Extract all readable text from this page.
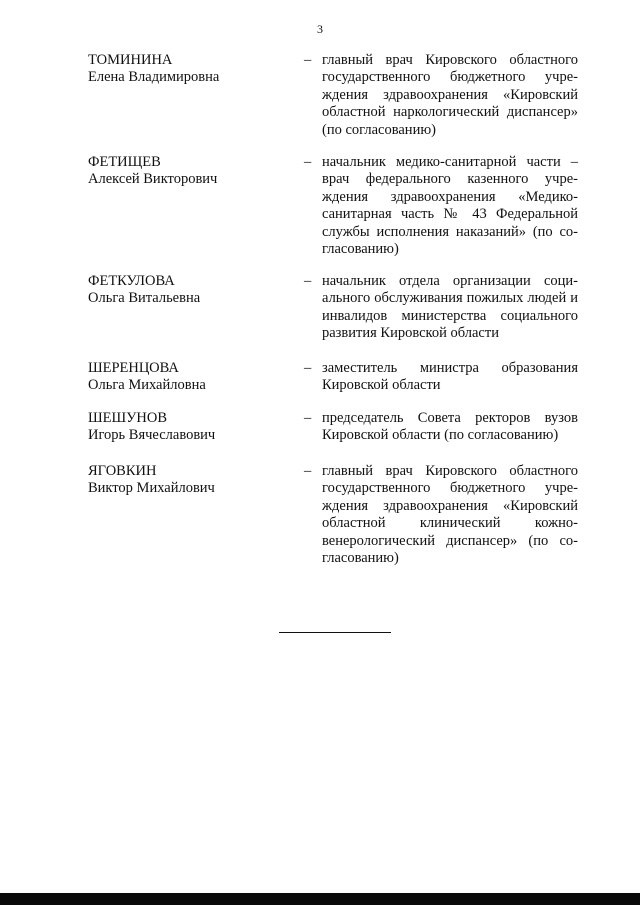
3
ТОМИНИНА
Елена Владимировна
– главный врач Кировского областного государственного бюджетного учреждения здравоохранения «Кировский областной наркологический диспансер» (по согласованию)
ФЕТИЩЕВ
Алексей Викторович
– начальник медико-санитарной части – врач федерального казенного учреждения здравоохранения «Медико-санитарная часть № 43 Федеральной службы исполнения наказаний» (по согласованию)
ФЕТКУЛОВА
Ольга Витальевна
– начальник отдела организации социального обслуживания пожилых людей и инвалидов министерства социального развития Кировской области
ШЕРЕНЦОВА
Ольга Михайловна
– заместитель министра образования Кировской области
ШЕШУНОВ
Игорь Вячеславович
– председатель Совета ректоров вузов Кировской области (по согласованию)
ЯГОВКИН
Виктор Михайлович
– главный врач Кировского областного государственного бюджетного учреждения здравоохранения «Кировский областной клинический кожновенерологический диспансер» (по согласованию)
